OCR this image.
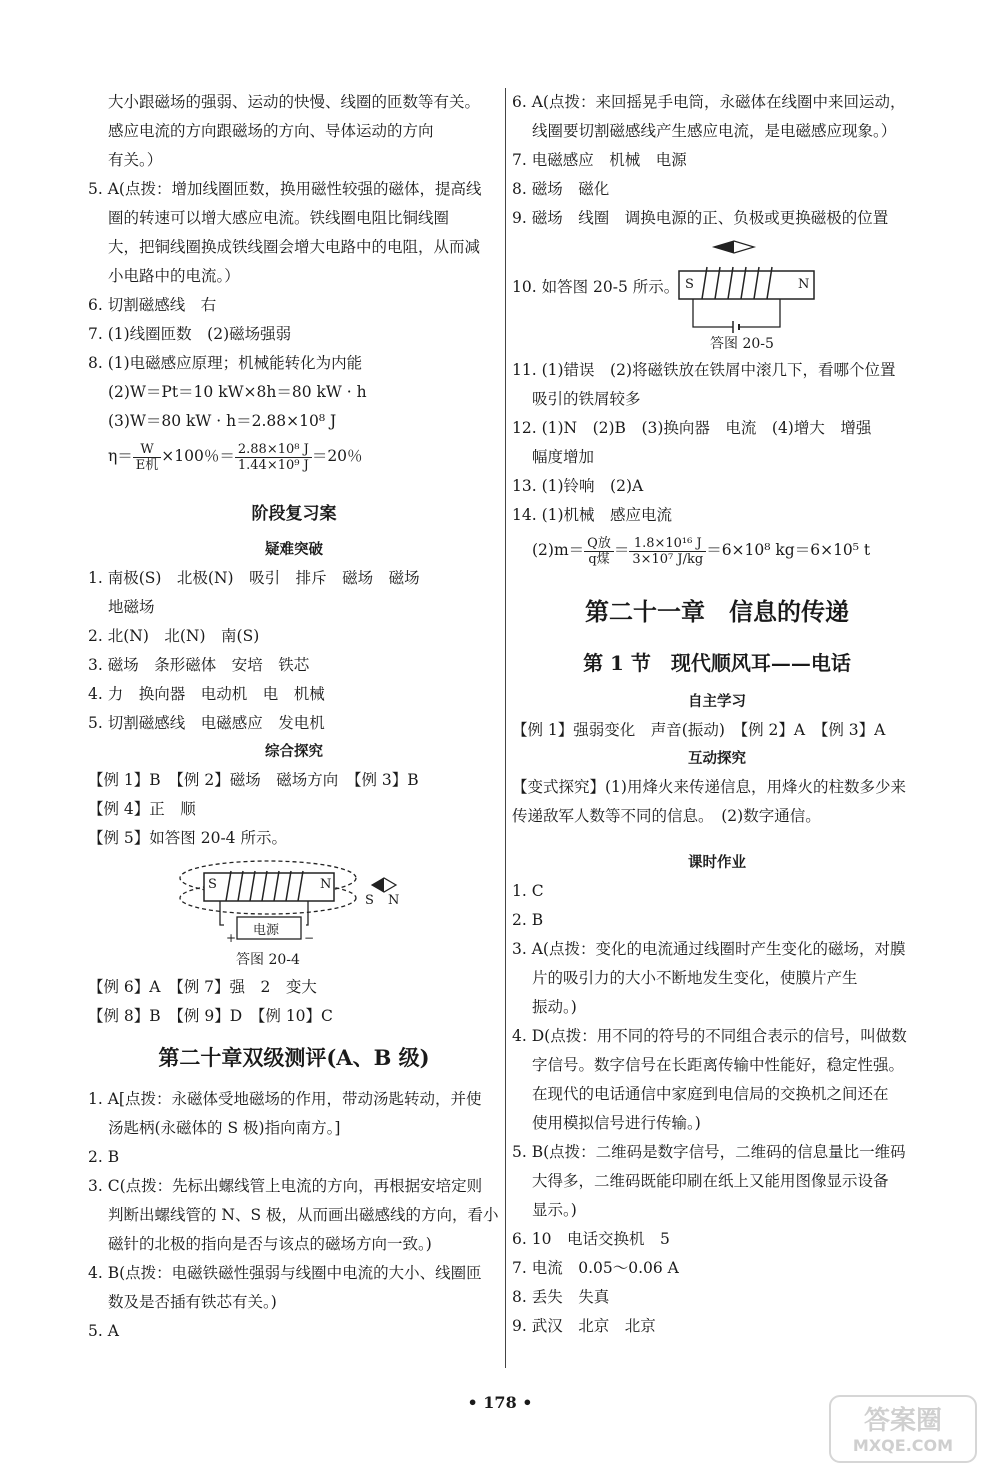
大小跟磁场的强弱、运动的快慢、线圈的匝数等有关。
感应电流的方向跟磁场的方向、导体运动的方向
有关。）
5. A(点拨：增加线圈匝数，换用磁性较强的磁体，提高线
圈的转速可以增大感应电流。铁线圈电阻比铜线圈
大，把铜线圈换成铁线圈会增大电路中的电阻，从而减
小电路中的电流。）
6. 切割磁感线　右
7. (1)线圈匝数　(2)磁场强弱
8. (1)电磁感应原理；机械能转化为内能
(2)W＝Pt＝10 kW×8h＝80 kW · h
(3)W＝80 kW · h＝2.88×10⁸ J
$\eta= \frac{W}{\text{E机}} \times 100$％＝ $\frac{\text{2.88×10⁸ J}}{\text{1.44×10⁹ J}} =20$％
阶段复习案
疑难突破
1. 南极(S)　北极(N)　吸引　排斥　磁场　磁场
地磁场
2. 北(N)　北(N)　南(S)
3. 磁场　条形磁体　安培　铁芯
4. 力　换向器　电动机　电　机械
5. 切割磁感线　电磁感应　发电机
综合探究
【例 1】B　【例 2】磁场　磁场方向　【例 3】B
【例 4】正　顺
【例 5】如答图 20-4 所示。
S	N
电源
+	−
S N
答图 20-4
【例 6】A　【例 7】强　2　变大
【例 8】B　【例 9】D　【例 10】C
第二十章双级测评(A、B 级)
1. A[点拨：永磁体受地磁场的作用，带动汤匙转动，并使
汤匙柄(永磁体的 S 极)指向南方。]
2. B
3. C(点拨：先标出螺线管上电流的方向，再根据安培定则
判断出螺线管的 N、S 极，从而画出磁感线的方向，看小
磁针的北极的指向是否与该点的磁场方向一致。)
4. B(点拨：电磁铁磁性强弱与线圈中电流的大小、线圈匝
数及是否插有铁芯有关。)
5. A
6. A(点拨：来回摇晃手电筒，永磁体在线圈中来回运动，
线圈要切割磁感线产生感应电流，是电磁感应现象。）
7. 电磁感应　机械　电源
8. 磁场　磁化
9. 磁场　线圈　调换电源的正、负极或更换磁极的位置
10. 如答图 20-5 所示。 S	N
答图 20-5
11. (1)错误　(2)将磁铁放在铁屑中滚几下，看哪个位置
吸引的铁屑较多
12. (1)N　(2)B　(3)换向器　电流　(4)增大　增强
幅度增加
13. (1)铃响　(2)A
14. (1)机械　感应电流
$(2)m= \frac{\text{Q放}}{\text{q煤}} = \frac{\text{1.8×10¹⁶ J}}{\text{3×10⁷ J/kg}} =6\times 10^8$ kg＝6×10⁵ t
第二十一章　信息的传递
第 1 节　现代顺风耳——电话
自主学习
【例 1】强弱变化　声音(振动)　【例 2】A　【例 3】A
互动探究
【变式探究】(1)用烽火来传递信息，用烽火的柱数多少来
传递敌军人数等不同的信息。　(2)数字通信。
课时作业
1. C
2. B
3. A(点拨：变化的电流通过线圈时产生变化的磁场，对膜
片的吸引力的大小不断地发生变化，使膜片产生
振动。)
4. D(点拨：用不同的符号的不同组合表示的信号，叫做数
字信号。数字信号在长距离传输中性能好，稳定性强。
在现代的电话通信中家庭到电信局的交换机之间还在
使用模拟信号进行传输。)
5. B(点拨：二维码是数字信号，二维码的信息量比一维码
大得多，二维码既能印刷在纸上又能用图像显示设备
显示。)
6. 10　电话交换机　5
7. 电流　0.05～0.06 A
8. 丢失　失真
9. 武汉　北京　北京
• 178 •
答案圈
MXQE.COM
